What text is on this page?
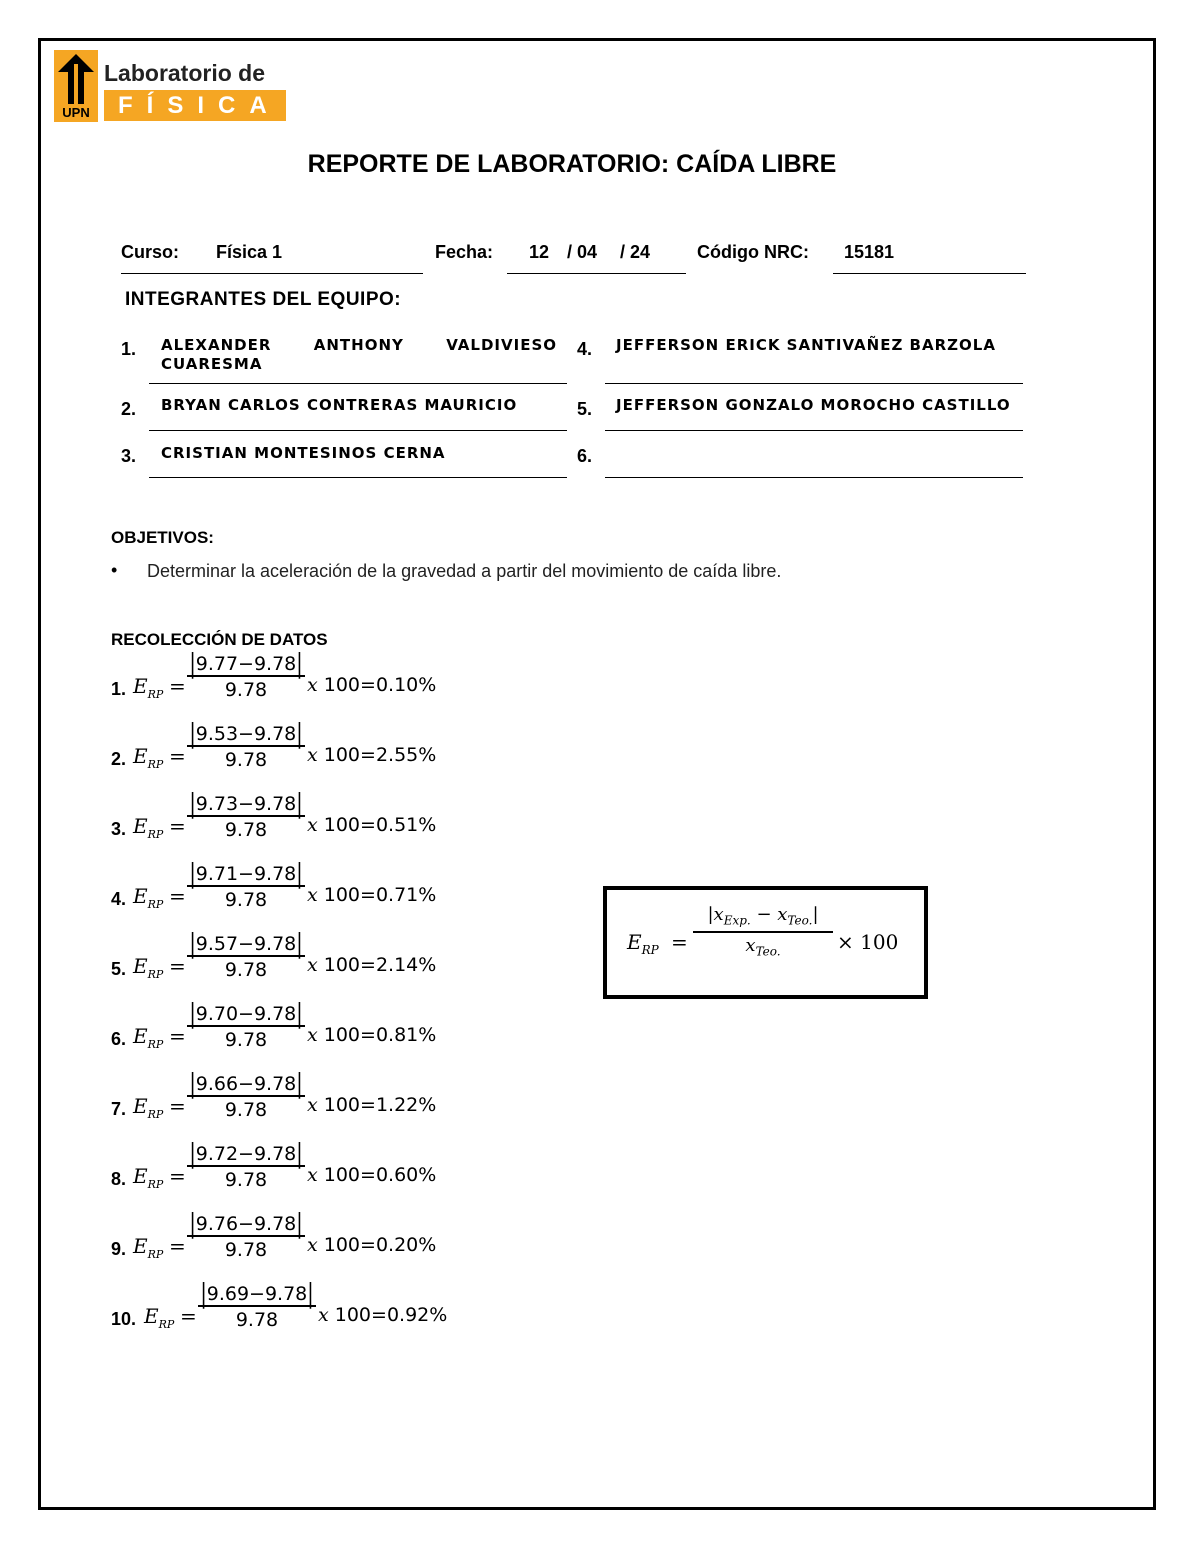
UPN
Laboratorio de
FÍSICA
REPORTE DE LABORATORIO: CAÍDA LIBRE
Curso: Física 1	Fecha: 12 / 04 / 24	Código NRC: 15181
INTEGRANTES DEL EQUIPO:
1. ALEXANDER ANTHONY VALDIVIESO CUARESMA
2. BRYAN CARLOS CONTRERAS MAURICIO
3. CRISTIAN MONTESINOS CERNA
4. JEFFERSON ERICK SANTIVAÑEZ BARZOLA
5. JEFFERSON GONZALO MOROCHO CASTILLO
6.
OBJETIVOS:
• Determinar la aceleración de la gravedad a partir del movimiento de caída libre.
RECOLECCIÓN DE DATOS
1. $E_{RP} = \frac{|9.77-9.78|}{9.78}$ x 100=0.10%
2. $E_{RP} = \frac{|9.53-9.78|}{9.78}$ x 100=2.55%
3. $E_{RP} = \frac{|9.73-9.78|}{9.78}$ x 100=0.51%
4. $E_{RP} = \frac{|9.71-9.78|}{9.78}$ x 100=0.71%
5. $E_{RP} = \frac{|9.57-9.78|}{9.78}$ x 100=2.14%
6. $E_{RP} = \frac{|9.70-9.78|}{9.78}$ x 100=0.81%
7. $E_{RP} = \frac{|9.66-9.78|}{9.78}$ x 100=1.22%
8. $E_{RP} = \frac{|9.72-9.78|}{9.78}$ x 100=0.60%
9. $E_{RP} = \frac{|9.76-9.78|}{9.78}$ x 100=0.20%
10. $E_{RP} = \frac{|9.69-9.78|}{9.78}$ x 100=0.92%
$E_{RP}$ =
$|x_{Exp.} - x_{Teo.}|$
$x_{Teo.}$	× 100
